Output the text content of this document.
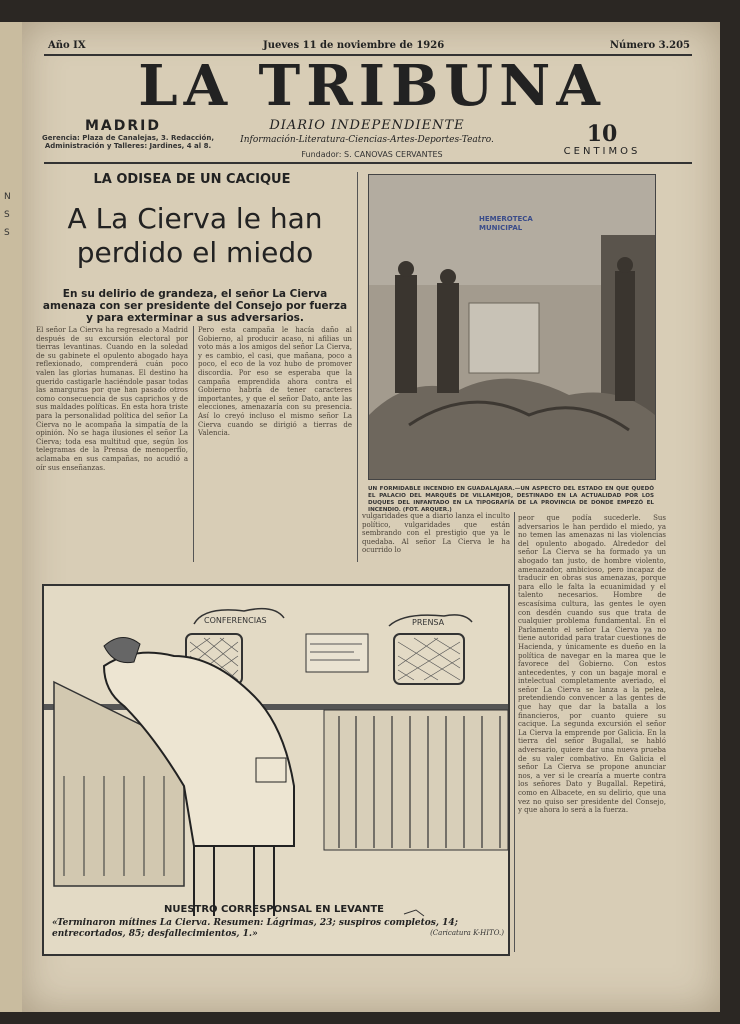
N
S
S
Año IX	Jueves 11 de noviembre de 1926	Número 3.205
LA TRIBUNA
MADRID
Gerencia: Plaza de Canalejas, 3. Redacción, Administración y Talleres: Jardines, 4 al 8.
DIARIO INDEPENDIENTE
Información-Literatura-Ciencias-Artes-Deportes-Teatro.
Fundador: S. CANOVAS CERVANTES
10
CENTIMOS
LA ODISEA DE UN CACIQUE
A La Cierva le han perdido el miedo
En su delirio de grandeza, el señor La Cierva amenaza con ser presidente del Consejo por fuerza y para exterminar a sus adversarios.
El señor La Cierva ha regresado a Madrid después de su excursión electoral por tierras levantinas. Cuando en la soledad de su gabinete el opulento abogado haya reflexionado, comprenderá cuán poco valen las glorias humanas. El destino ha querido castigarle haciéndole pasar todas las amarguras por que han pasado otros como consecuencia de sus caprichos y de sus maldades políticas. En esta hora triste para la personalidad política del señor La Cierva no le acompaña la simpatía de la opinión. No se haga ilusiones el señor La Cierva; toda esa multitud que, según los telegramas de la Prensa de menoperfío, aclamaba en sus campañas, no acudió a oír sus enseñanzas.
Pero esta campaña le hacía daño al Gobierno, al producir acaso, ni afilias un voto más a los amigos del señor La Cierva, y es cambio, el casi, que mañana, poco a poco, el eco de la voz hubo de promover discordia. Por eso se esperaba que la campaña emprendida ahora contra el Gobierno habría de tener caracteres importantes, y que el señor Dato, ante las elecciones, amenazaría con su presencia. Así lo creyó incluso el mismo señor La Cierva cuando se dirigió a tierras de Valencia.
vulgaridades que a diario lanza el inculto político, vulgaridades que están sembrando con el prestigio que ya le quedaba. Al señor La Cierva le ha ocurrido lo
peor que podía sucederle. Sus adversarios le han perdido el miedo, ya no temen las amenazas ni las violencias del opulento abogado. Alrededor del señor La Cierva se ha formado ya un abogado tan justo, de hombre violento, amenazador, ambicioso, pero incapaz de traducir en obras sus amenazas, porque para ello le falta la ecuanimidad y el talento necesarios. Hombre de escasísima cultura, las gentes le oyen con desdén cuando sus que trata de cualquier problema fundamental. En el Parlamento el señor La Cierva ya no tiene autoridad para tratar cuestiones de Hacienda, y únicamente es dueño en la política de navegar en la marea que le favorece del Gobierno. Con estos antecedentes, y con un bagaje moral e intelectual completamente averiado, el señor La Cierva se lanza a la pelea, pretendiendo convencer a las gentes de que hay que dar la batalla a los financieros, por cuanto quiere su cacique. La segunda excursión el señor La Cierva la emprende por Galicia. En la tierra del señor Bugallal, se habló adversario, quiere dar una nueva prueba de su valer combativo. En Galicia el señor La Cierva se propone anunciar nos, a ver si le crearía a muerte contra los señores Dato y Bugallal. Repetirá, como en Albacete, en su delirio, que una vez no quiso ser presidente del Consejo, y que ahora lo será a la fuerza.
HEMEROTECA
MUNICIPAL
UN FORMIDABLE INCENDIO EN GUADALAJARA.—UN ASPECTO DEL ESTADO EN QUE QUEDÓ EL PALACIO DEL MARQUÉS DE VILLAMEJOR, DESTINADO EN LA ACTUALIDAD POR LOS DUQUES DEL INFANTADO EN LA TIPOGRAFÍA DE LA PROVINCIA DE DONDE EMPEZÓ EL INCENDIO. (FOT. ARQUER.)
CONFERENCIAS	PRENSA
NUESTRO CORRESPONSAL EN LEVANTE
«Terminaron mítines La Cierva. Resumen: Lágrimas, 23; suspiros completos, 14; entrecortados, 85; desfallecimientos, 1.»	(Caricatura K-HITO.)
